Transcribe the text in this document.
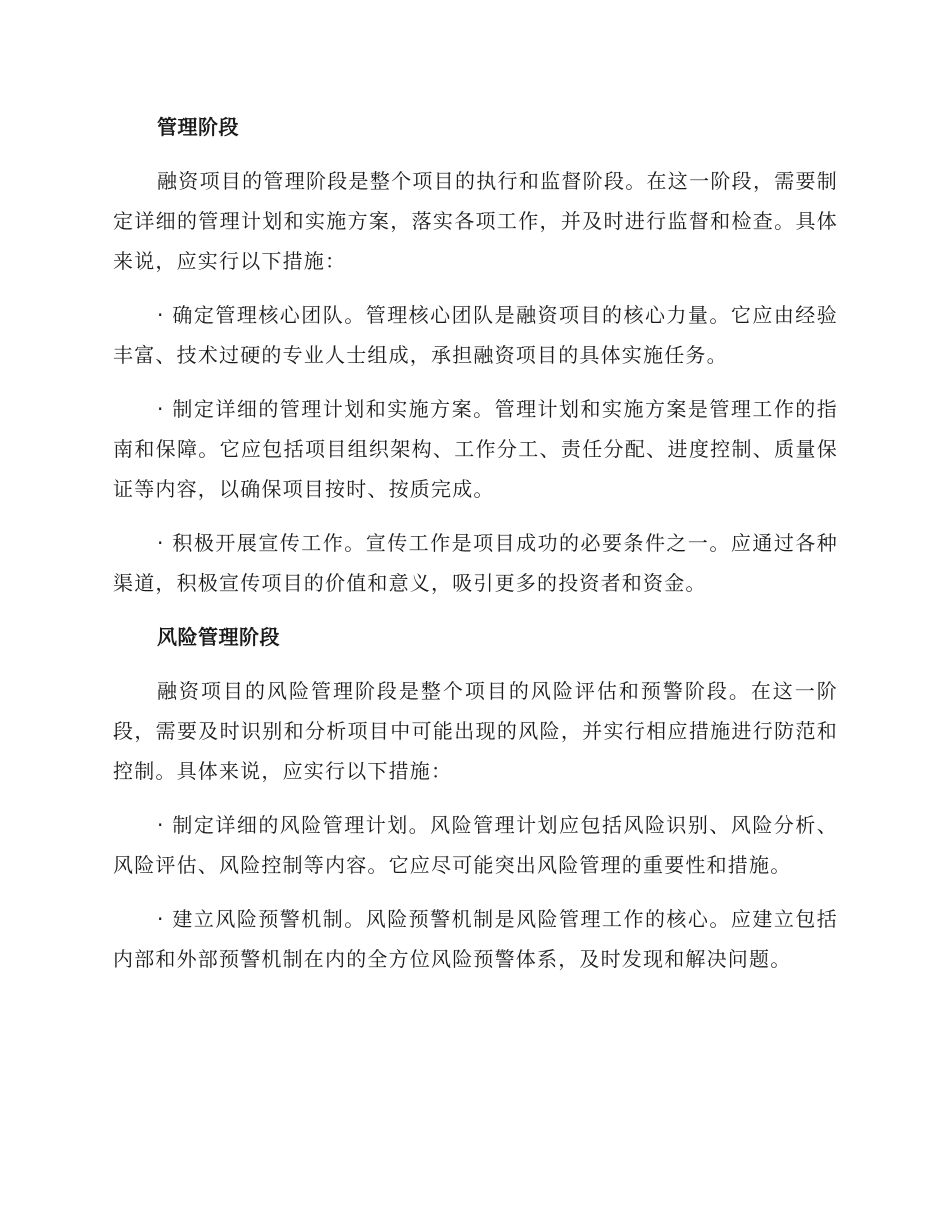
管理阶段

融资项目的管理阶段是整个项目的执行和监督阶段。在这一阶段，需要制定详细的管理计划和实施方案，落实各项工作，并及时进行监督和检查。具体来说，应实行以下措施：

· 确定管理核心团队。管理核心团队是融资项目的核心力量。它应由经验丰富、技术过硬的专业人士组成，承担融资项目的具体实施任务。

· 制定详细的管理计划和实施方案。管理计划和实施方案是管理工作的指南和保障。它应包括项目组织架构、工作分工、责任分配、进度控制、质量保证等内容，以确保项目按时、按质完成。

· 积极开展宣传工作。宣传工作是项目成功的必要条件之一。应通过各种渠道，积极宣传项目的价值和意义，吸引更多的投资者和资金。

风险管理阶段

融资项目的风险管理阶段是整个项目的风险评估和预警阶段。在这一阶段，需要及时识别和分析项目中可能出现的风险，并实行相应措施进行防范和控制。具体来说，应实行以下措施：

· 制定详细的风险管理计划。风险管理计划应包括风险识别、风险分析、风险评估、风险控制等内容。它应尽可能突出风险管理的重要性和措施。

· 建立风险预警机制。风险预警机制是风险管理工作的核心。应建立包括内部和外部预警机制在内的全方位风险预警体系，及时发现和解决问题。
